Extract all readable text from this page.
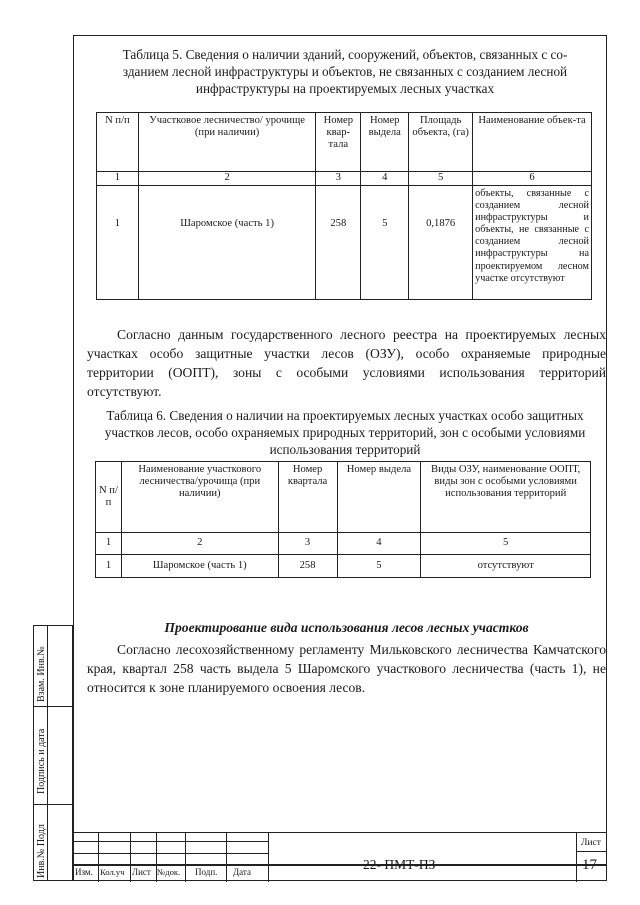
Таблица 5. Сведения о наличии зданий, сооружений, объектов, связанных с со-зданием лесной инфраструктуры и объектов, не связанных с созданием лесной инфраструктуры на проектируемых лесных участках
N п/п	Участковое лесничество/ урочище (при наличии)	Номер квар-тала	Номер выдела	Площадь объекта, (га)	Наименование объек-та
1	2	3	4	5	6
1	Шаромское (часть 1)	258	5	0,1876	объекты, связанные с созданием лесной инфраструктуры и объекты, не связанные с созданием лесной инфраструктуры на проектируемом лесном участке отсутствуют
Согласно данным государственного лесного реестра на проектируемых лесных участках особо защитные участки лесов (ОЗУ), особо охраняемые природные территории (ООПТ), зоны с особыми условиями использования территорий отсутствуют.
Таблица 6. Сведения о наличии на проектируемых лесных участках особо защитных участков лесов, особо охраняемых природных территорий, зон с особыми условиями использования территорий
N п/п	Наименование участкового лесничества/урочища (при наличии)	Номер квартала	Номер выдела	Виды ОЗУ, наименование ООПТ, виды зон с особыми условиями использования территорий
1	2	3	4	5
1	Шаромское (часть 1)	258	5	отсутствуют
Проектирование вида использования лесов лесных участков
Согласно лесохозяйственному регламенту Мильковского лесничества Камчатского края, квартал 258 часть выдела 5 Шаромского участкового лесничества (часть 1), не относится к зоне планируемого освоения лесов.
Взам. Инв.№
Подпись и дата
Инв.№ Подл	Изм. Кол.уч Лист №док. Подп. Дата	22- ПМТ-ПЗ
Лист
17
